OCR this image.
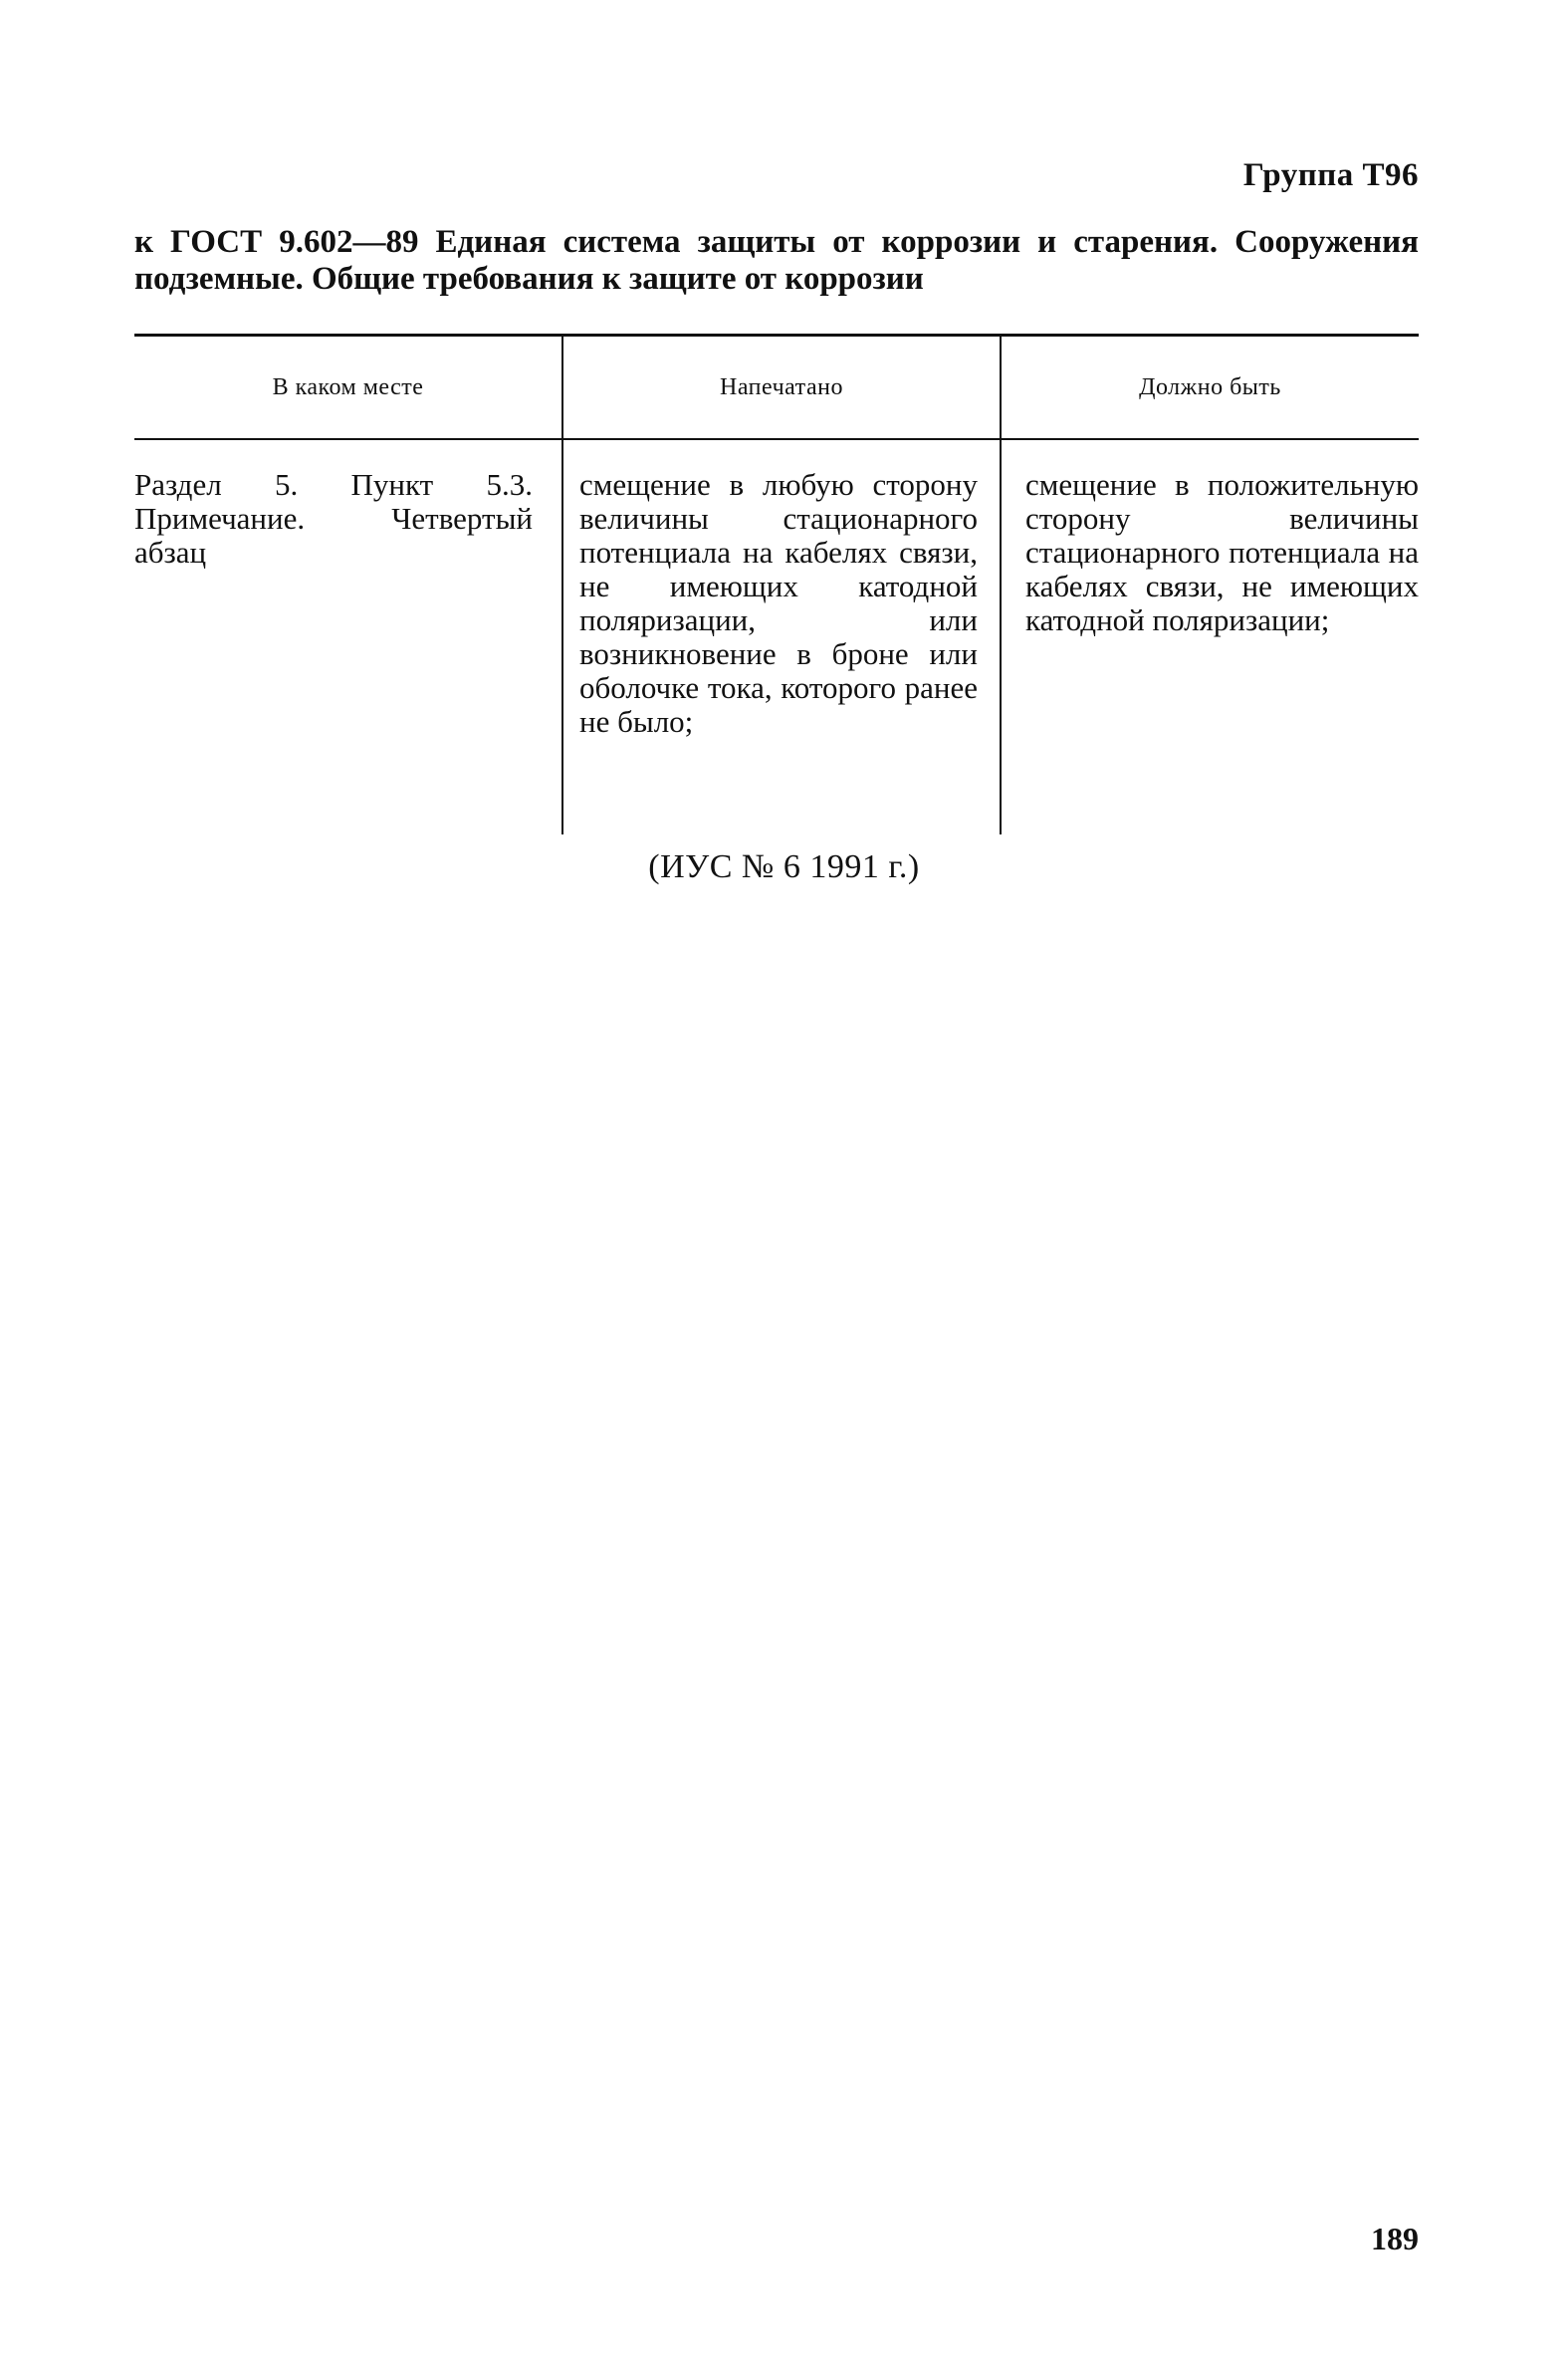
Группа Т96
к ГОСТ 9.602—89 Единая система защиты от коррозии и старения. Сооружения подземные. Общие требования к защите от коррозии
В каком месте	Напечатано	Должно быть
Раздел 5. Пункт 5.3. Примечание. Четвертый абзац
смещение в любую сторону величины стационарного потенциала на кабелях связи, не имеющих катодной поляризации, или возникновение в броне или оболочке тока, которого ранее не было;
смещение в положительную сторону величины стационарного потенциала на кабелях связи, не имеющих катодной поляризации;
(ИУС № 6 1991 г.)
189
